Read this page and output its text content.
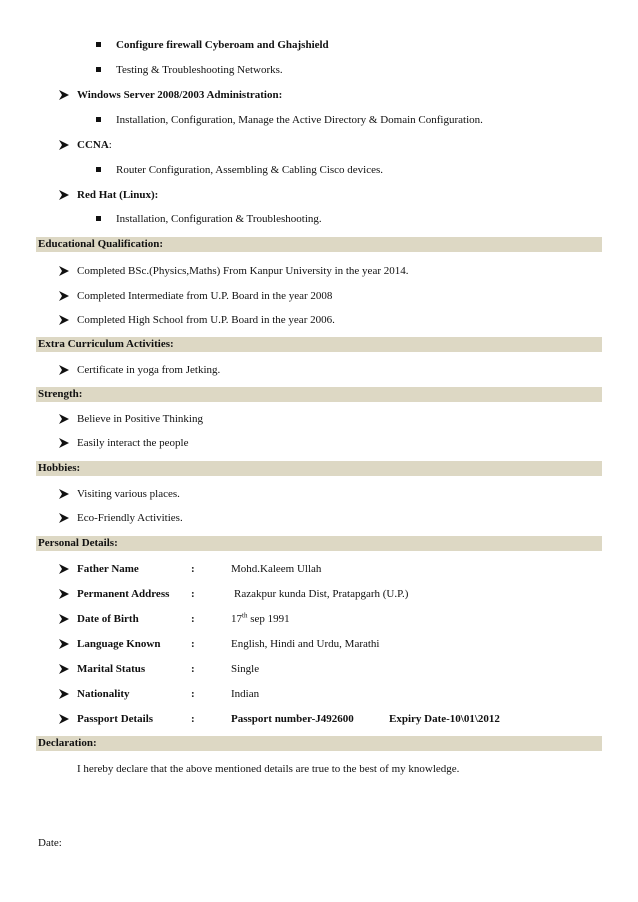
Configure firewall Cyberoam and Ghajshield
Testing & Troubleshooting Networks.
Windows Server 2008/2003 Administration:
Installation, Configuration, Manage the Active Directory & Domain Configuration.
CCNA:
Router Configuration, Assembling & Cabling Cisco devices.
Red Hat (Linux):
Installation, Configuration & Troubleshooting.
Educational Qualification:
Completed BSc.(Physics,Maths) From Kanpur University in the year 2014.
Completed Intermediate from U.P. Board in the year 2008
Completed High School from U.P. Board in the year 2006.
Extra Curriculum Activities:
Certificate in yoga from Jetking.
Strength:
Believe in Positive Thinking
Easily interact the people
Hobbies:
Visiting various places.
Eco-Friendly Activities.
Personal Details:
Father Name	:	Mohd.Kaleem Ullah
Permanent Address :	Razakpur kunda Dist, Pratapgarh (U.P.)
Date of Birth	:	17th sep 1991
Language Known	:	English, Hindi and Urdu, Marathi
Marital Status	:	Single
Nationality	:	Indian
Passport Details	:	Passport number-J492600	Expiry Date-10\01\2012
Declaration:
I hereby declare that the above mentioned details are true to the best of my knowledge.
Date:
